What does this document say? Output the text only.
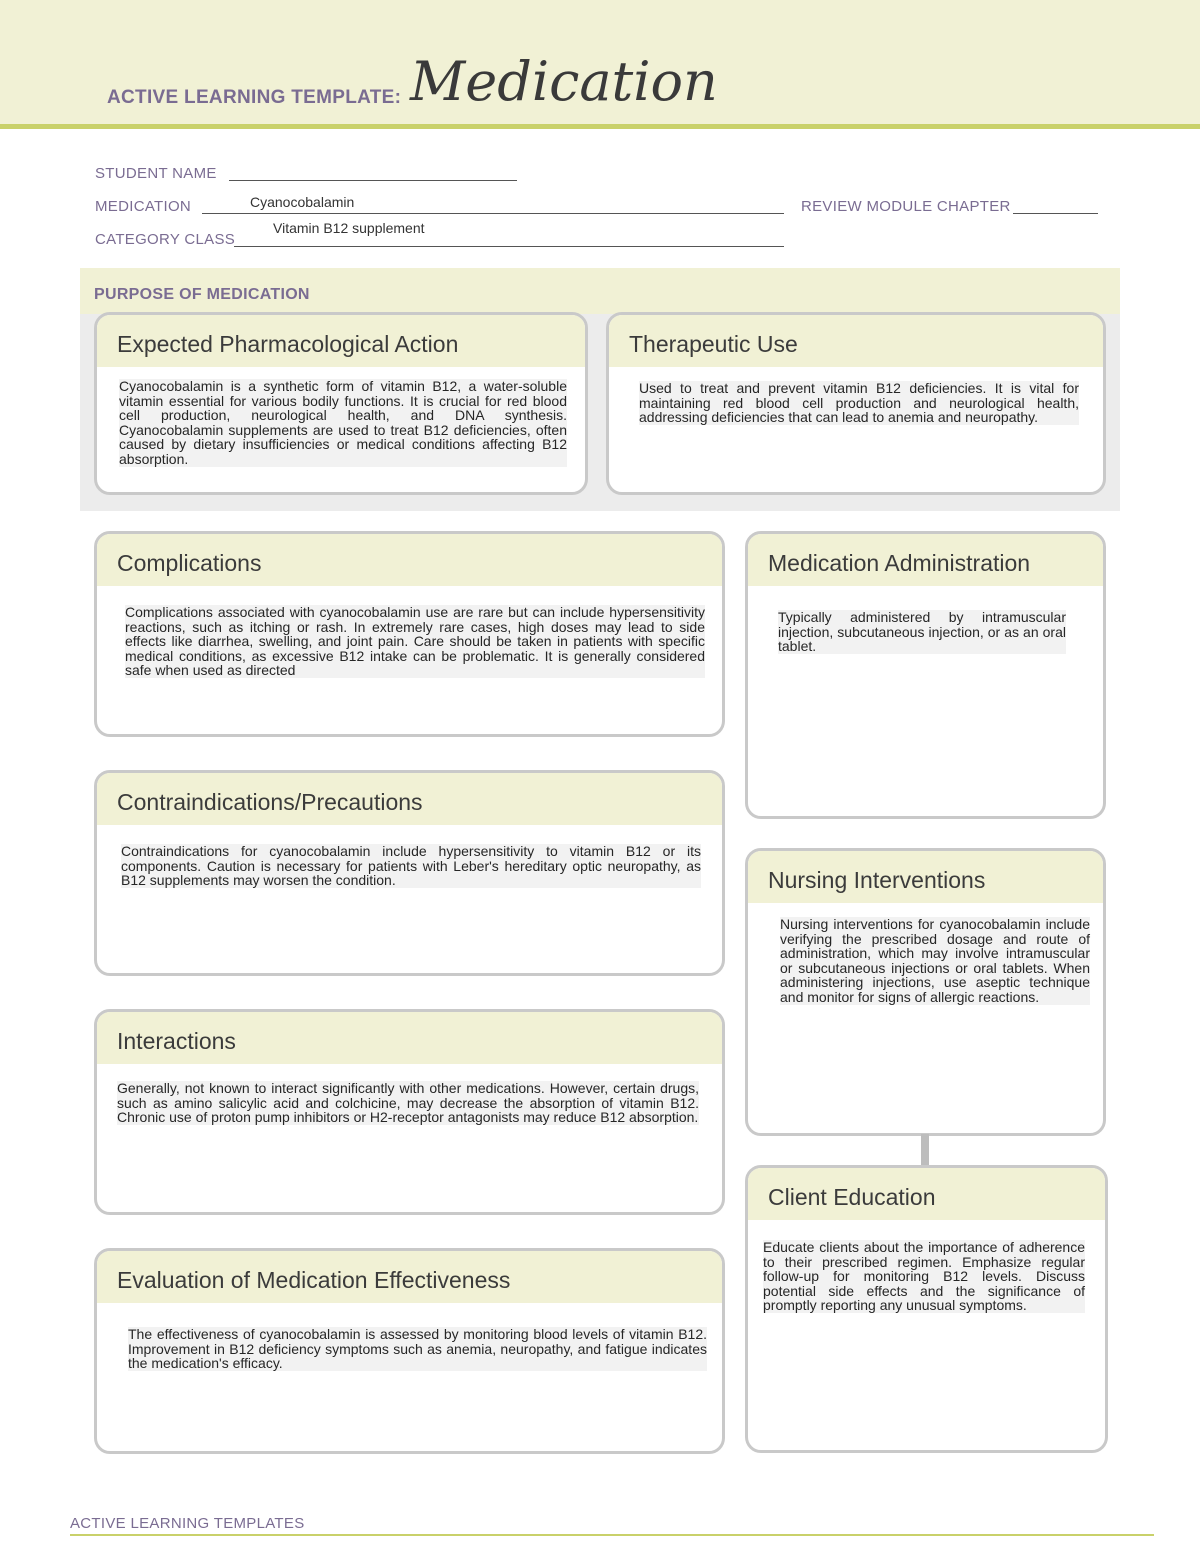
ACTIVE LEARNING TEMPLATE: Medication
STUDENT NAME
MEDICATION	Cyanocobalamin	REVIEW MODULE CHAPTER
CATEGORY CLASS
Vitamin B12 supplement
PURPOSE OF MEDICATION
Expected Pharmacological Action
Cyanocobalamin is a synthetic form of vitamin B12, a water-soluble vitamin essential for various bodily functions. It is crucial for red blood cell production, neurological health, and DNA synthesis. Cyanocobalamin supplements are used to treat B12 deficiencies, often caused by dietary insufficiencies or medical conditions affecting B12 absorption.
Therapeutic Use
Used to treat and prevent vitamin B12 deficiencies. It is vital for maintaining red blood cell production and neurological health, addressing deficiencies that can lead to anemia and neuropathy.
Complications
Complications associated with cyanocobalamin use are rare but can include hypersensitivity reactions, such as itching or rash. In extremely rare cases, high doses may lead to side effects like diarrhea, swelling, and joint pain. Care should be taken in patients with specific medical conditions, as excessive B12 intake can be problematic. It is generally considered safe when used as directed
Medication Administration
Typically administered by intramuscular injection, subcutaneous injection, or as an oral tablet.
Contraindications/Precautions
Contraindications for cyanocobalamin include hypersensitivity to vitamin B12 or its components. Caution is necessary for patients with Leber's hereditary optic neuropathy, as B12 supplements may worsen the condition.	Nursing Interventions
Nursing interventions for cyanocobalamin include verifying the prescribed dosage and route of administration, which may involve intramuscular or subcutaneous injections or oral tablets. When administering injections, use aseptic technique and monitor for signs of allergic reactions.
Interactions
Generally, not known to interact significantly with other medications. However, certain drugs, such as amino salicylic acid and colchicine, may decrease the absorption of vitamin B12. Chronic use of proton pump inhibitors or H2-receptor antagonists may reduce B12 absorption.
Client Education
Educate clients about the importance of adherence to their prescribed regimen. Emphasize regular follow-up for monitoring B12 levels. Discuss potential side effects and the significance of promptly reporting any unusual symptoms.
Evaluation of Medication Effectiveness
The effectiveness of cyanocobalamin is assessed by monitoring blood levels of vitamin B12. Improvement in B12 deficiency symptoms such as anemia, neuropathy, and fatigue indicates the medication's efficacy.
ACTIVE LEARNING TEMPLATES
